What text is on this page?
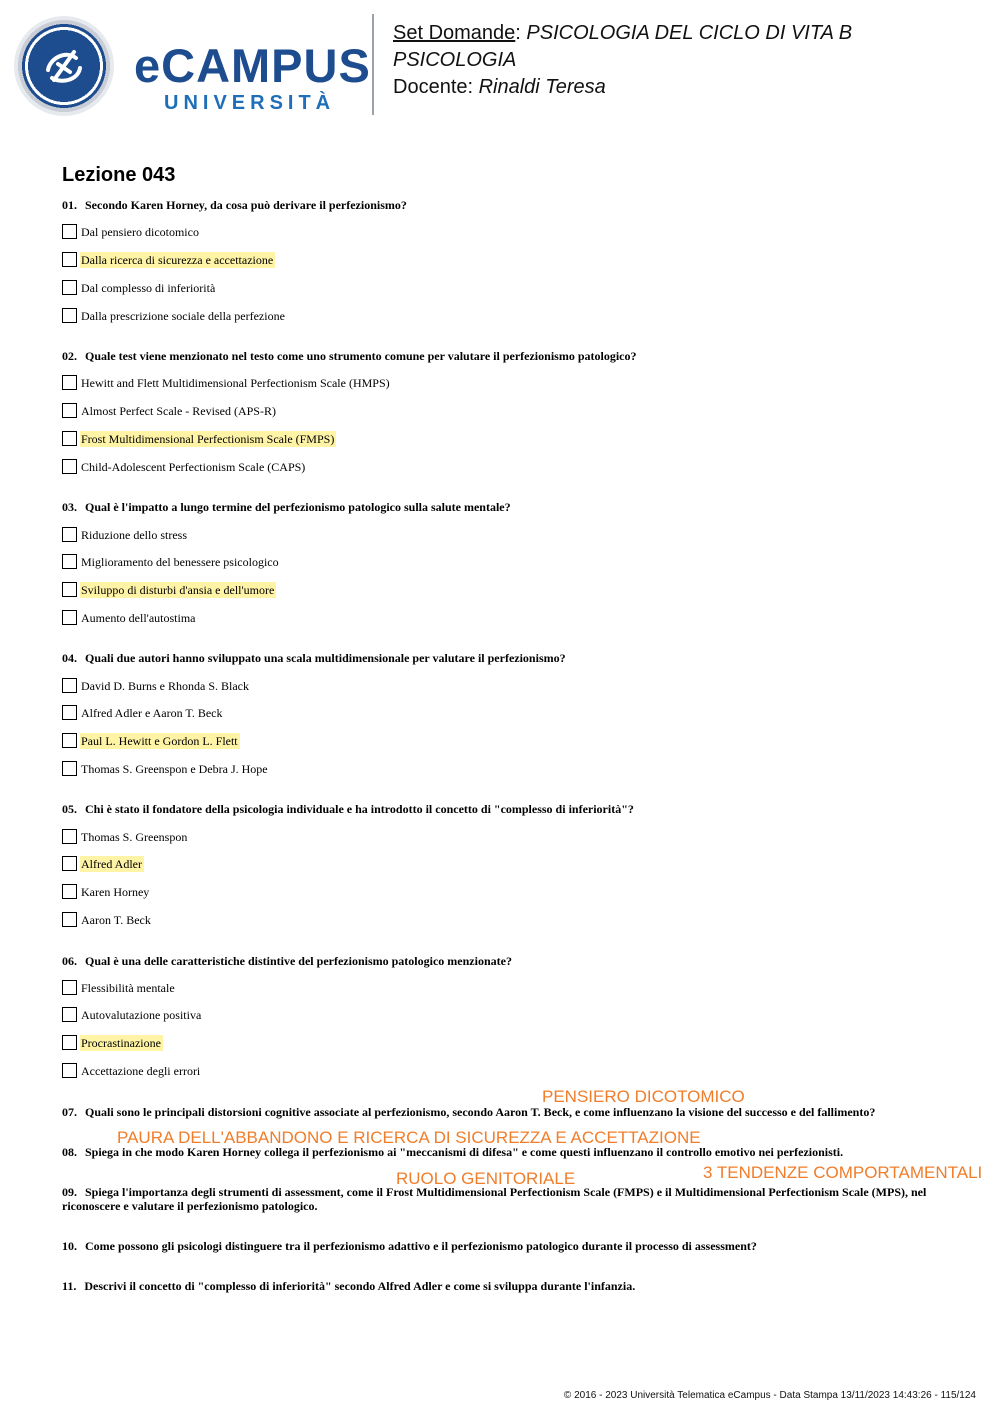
eCAMPUS
UNIVERSITÀ
Set Domande: PSICOLOGIA DEL CICLO DI VITA B PSICOLOGIA
Docente: Rinaldi Teresa
Lezione 043
01. Secondo Karen Horney, da cosa può derivare il perfezionismo?
Dal pensiero dicotomico
Dalla ricerca di sicurezza e accettazione
Dal complesso di inferiorità
Dalla prescrizione sociale della perfezione
02. Quale test viene menzionato nel testo come uno strumento comune per valutare il perfezionismo patologico?
Hewitt and Flett Multidimensional Perfectionism Scale (HMPS)
Almost Perfect Scale - Revised (APS-R)
Frost Multidimensional Perfectionism Scale (FMPS)
Child-Adolescent Perfectionism Scale (CAPS)
03. Qual è l'impatto a lungo termine del perfezionismo patologico sulla salute mentale?
Riduzione dello stress
Miglioramento del benessere psicologico
Sviluppo di disturbi d'ansia e dell'umore
Aumento dell'autostima
04. Quali due autori hanno sviluppato una scala multidimensionale per valutare il perfezionismo?
David D. Burns e Rhonda S. Black
Alfred Adler e Aaron T. Beck
Paul L. Hewitt e Gordon L. Flett
Thomas S. Greenspon e Debra J. Hope
05. Chi è stato il fondatore della psicologia individuale e ha introdotto il concetto di "complesso di inferiorità"?
Thomas S. Greenspon
Alfred Adler
Karen Horney
Aaron T. Beck
06. Qual è una delle caratteristiche distintive del perfezionismo patologico menzionate?
Flessibilità mentale
Autovalutazione positiva
Procrastinazione
Accettazione degli errori
PENSIERO DICOTOMICO
07. Quali sono le principali distorsioni cognitive associate al perfezionismo, secondo Aaron T. Beck, e come influenzano la visione del successo e del fallimento?
PAURA DELL'ABBANDONO E RICERCA DI SICUREZZA E ACCETTAZIONE
08. Spiega in che modo Karen Horney collega il perfezionismo ai "meccanismi di difesa" e come questi influenzano il controllo emotivo nei perfezionisti.
3 TENDENZE COMPORTAMENTALI
RUOLO GENITORIALE
09. Spiega l'importanza degli strumenti di assessment, come il Frost Multidimensional Perfectionism Scale (FMPS) e il Multidimensional Perfectionism Scale (MPS), nel riconoscere e valutare il perfezionismo patologico.
10. Come possono gli psicologi distinguere tra il perfezionismo adattivo e il perfezionismo patologico durante il processo di assessment?
11. Descrivi il concetto di "complesso di inferiorità" secondo Alfred Adler e come si sviluppa durante l'infanzia.
© 2016 - 2023 Università Telematica eCampus - Data Stampa 13/11/2023 14:43:26 - 115/124
